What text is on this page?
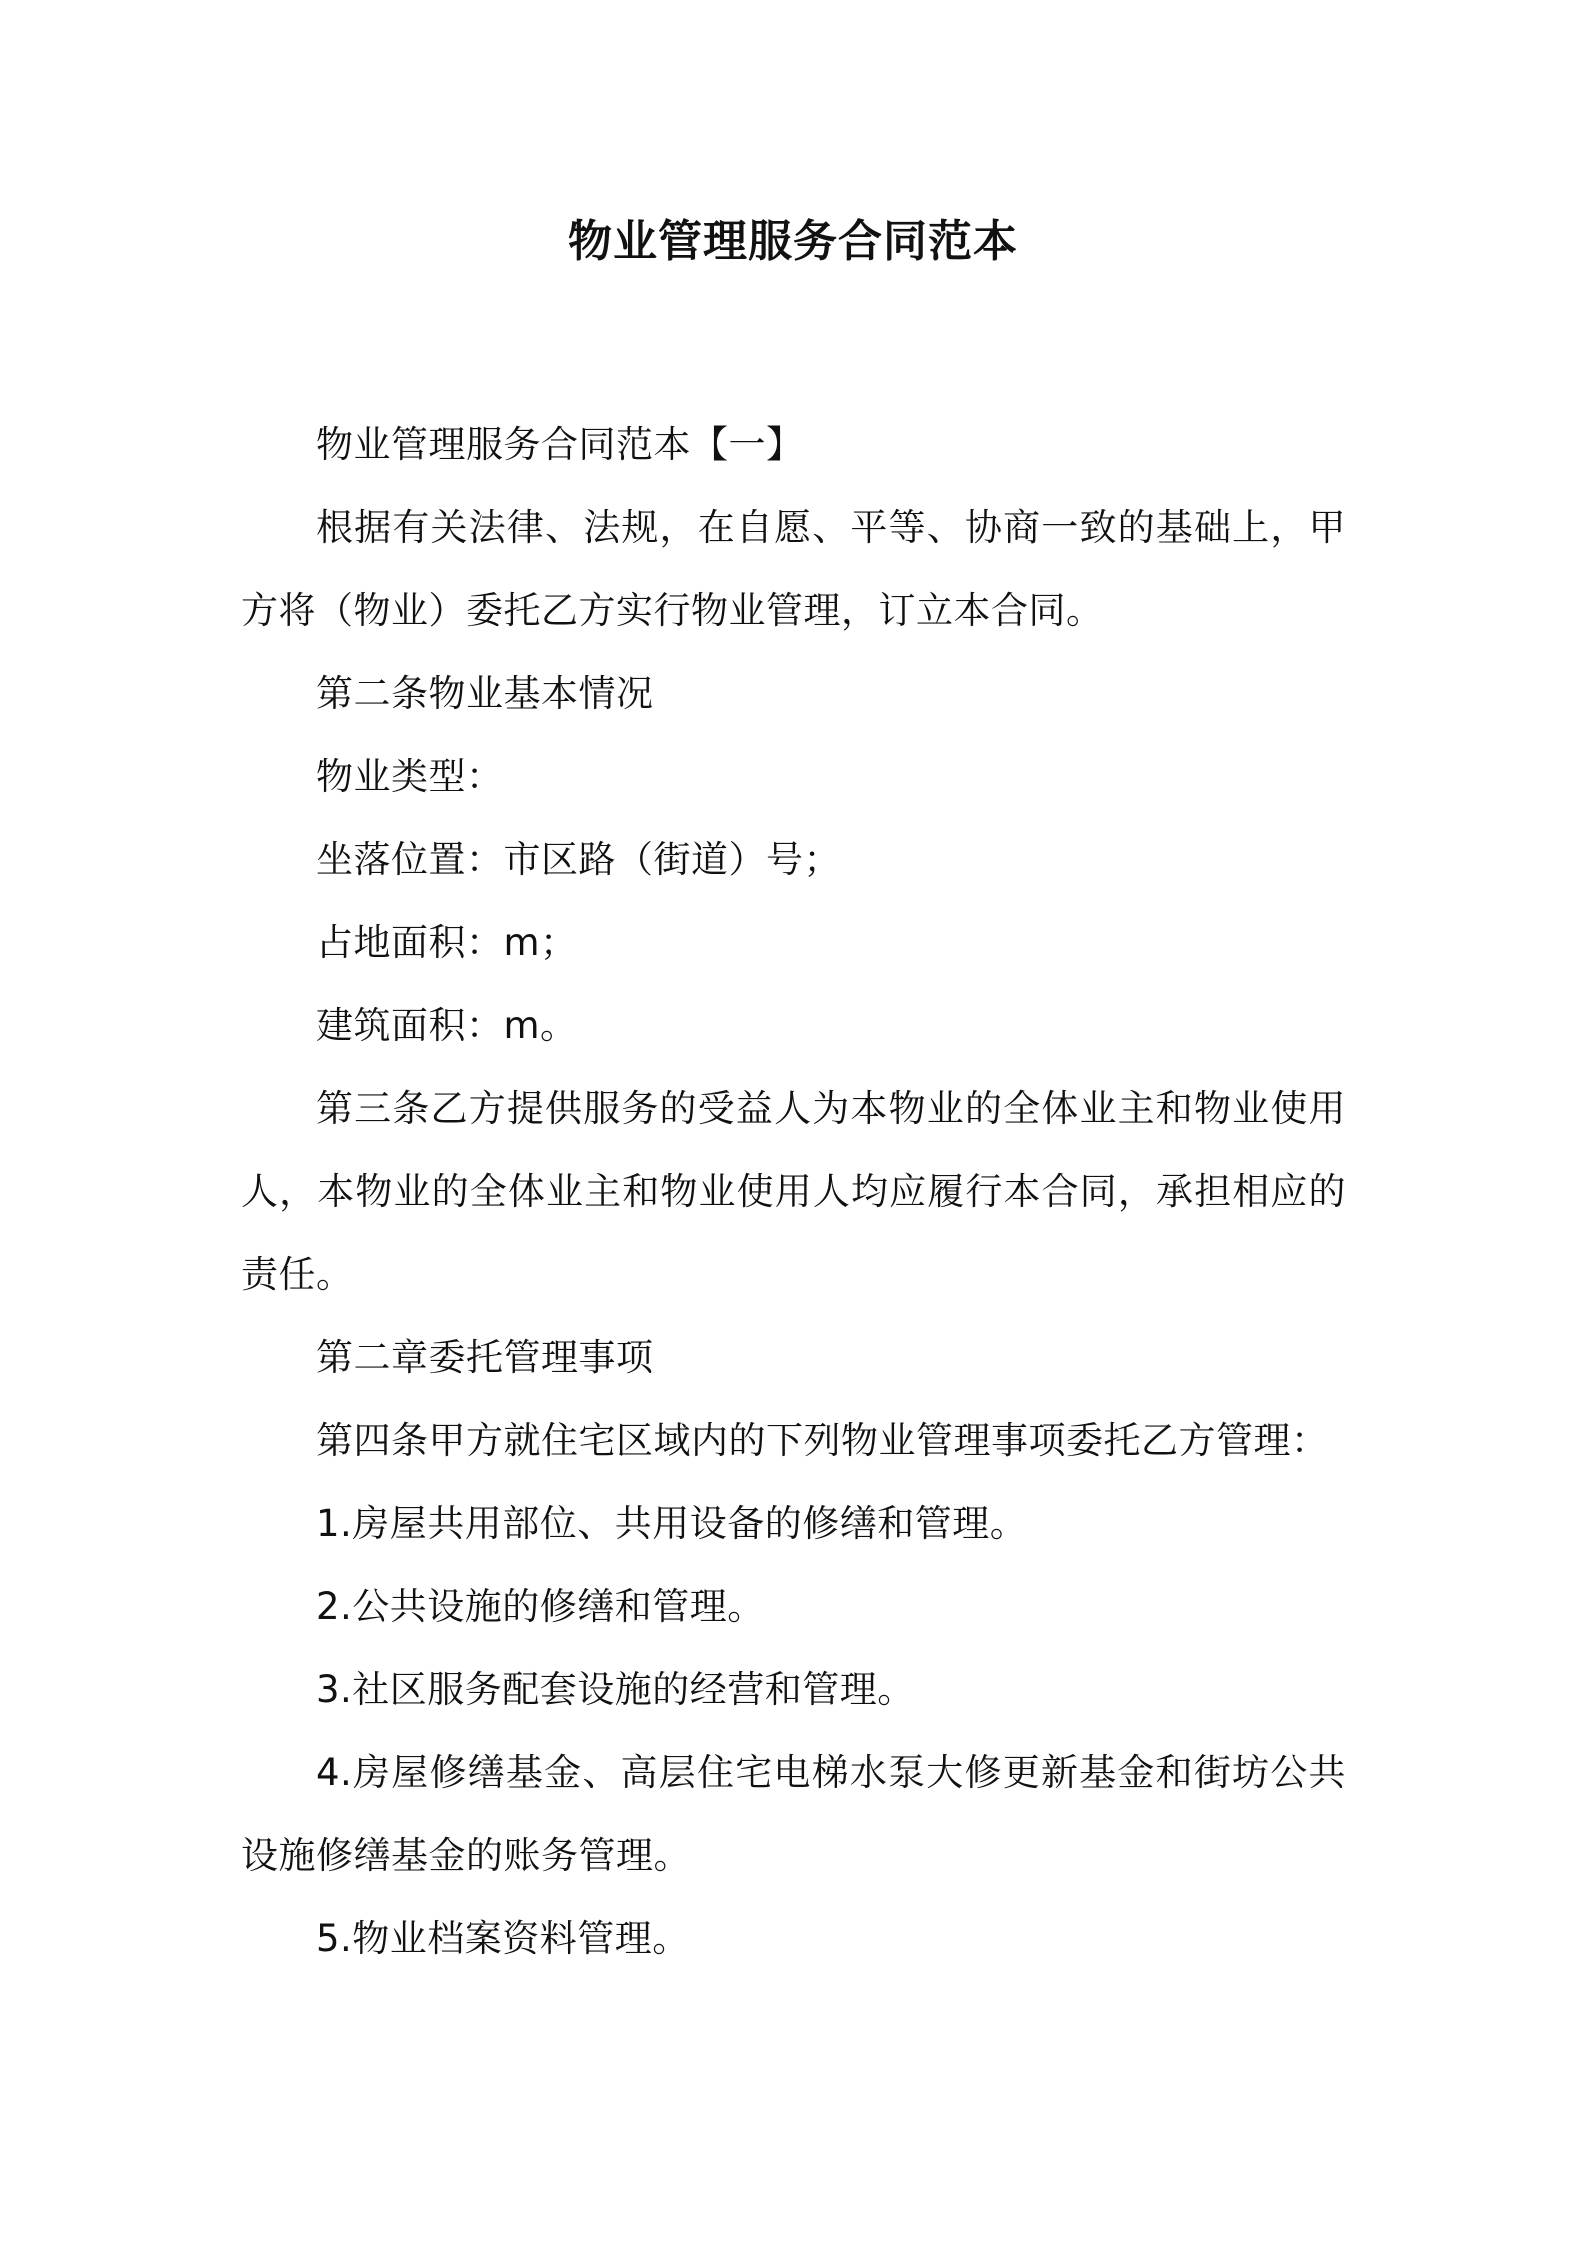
物业管理服务合同范本

物业管理服务合同范本【一】

根据有关法律、法规，在自愿、平等、协商一致的基础上，甲方将（物业）委托乙方实行物业管理，订立本合同。

第二条物业基本情况

物业类型：

坐落位置：市区路（街道）号；

占地面积：m；

建筑面积：m。

第三条乙方提供服务的受益人为本物业的全体业主和物业使用人，本物业的全体业主和物业使用人均应履行本合同，承担相应的责任。

第二章委托管理事项

第四条甲方就住宅区域内的下列物业管理事项委托乙方管理：

1.房屋共用部位、共用设备的修缮和管理。

2.公共设施的修缮和管理。

3.社区服务配套设施的经营和管理。

4.房屋修缮基金、高层住宅电梯水泵大修更新基金和街坊公共设施修缮基金的账务管理。

5.物业档案资料管理。
